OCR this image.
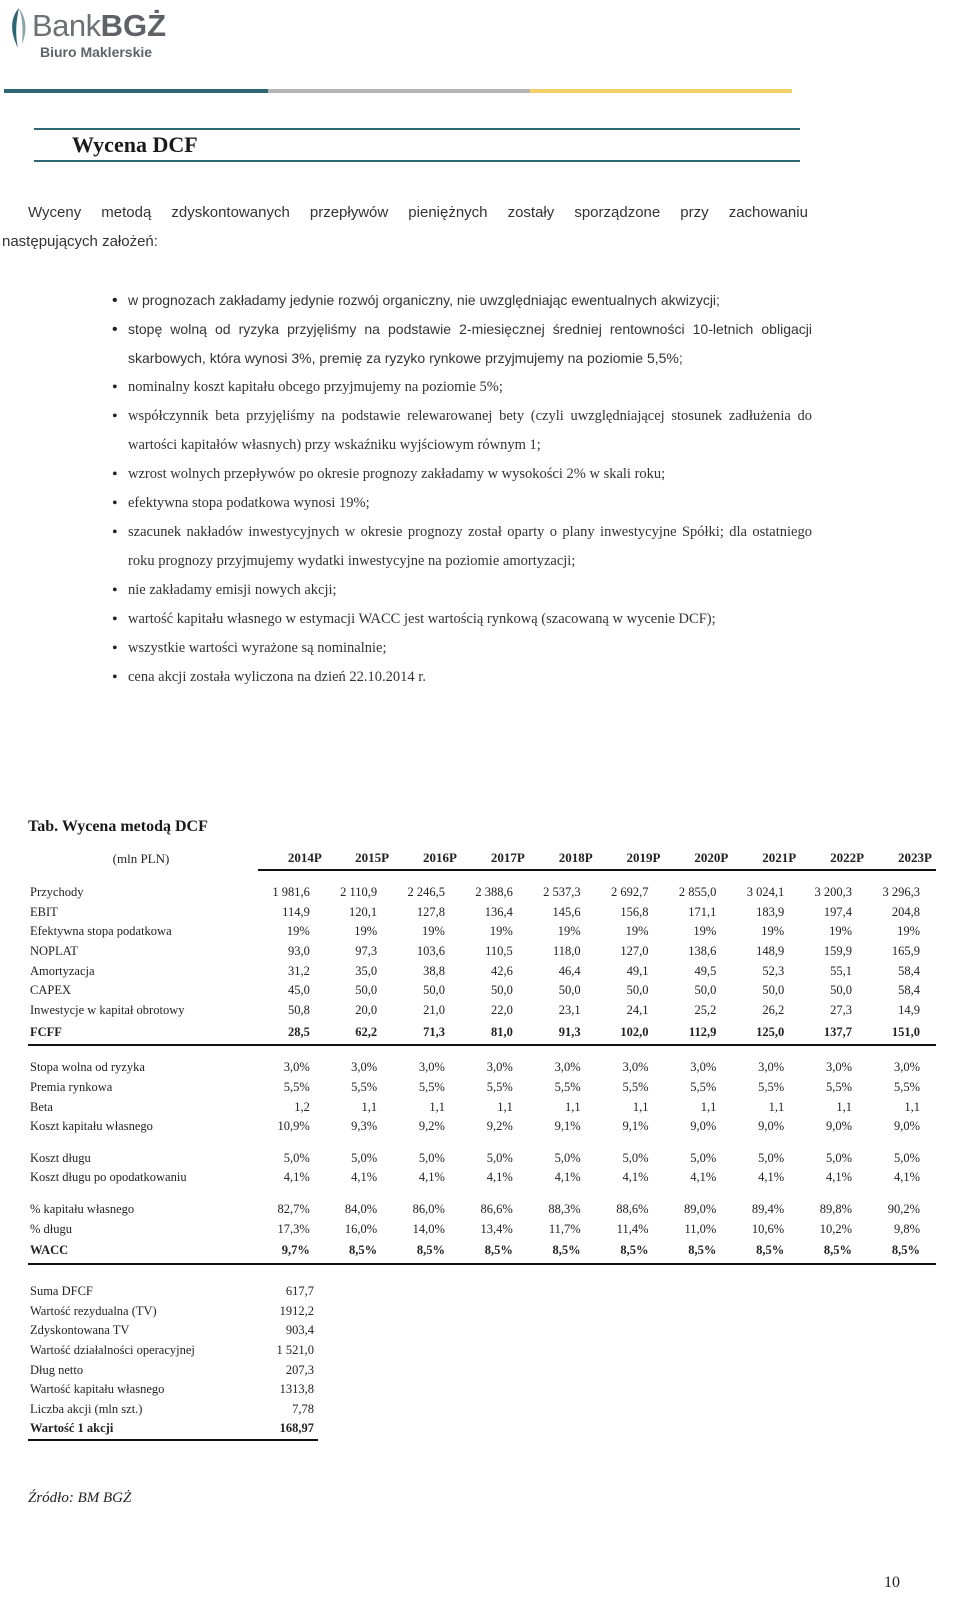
BankBGŻ
Biuro Maklerskie
Wycena DCF
Wyceny metodą zdyskontowanych przepływów pieniężnych zostały sporządzone przy zachowaniu
następujących założeń:
• w prognozach zakładamy jedynie rozwój organiczny, nie uwzględniając ewentualnych akwizycji;
• stopę wolną od ryzyka przyjęliśmy na podstawie 2-miesięcznej średniej rentowności 10-letnich obligacji skarbowych, która wynosi 3%, premię za ryzyko rynkowe przyjmujemy na poziomie 5,5%;
• nominalny koszt kapitału obcego przyjmujemy na poziomie 5%;
• współczynnik beta przyjęliśmy na podstawie relewarowanej bety (czyli uwzględniającej stosunek zadłużenia do wartości kapitałów własnych) przy wskaźniku wyjściowym równym 1;
• wzrost wolnych przepływów po okresie prognozy zakładamy w wysokości 2% w skali roku;
• efektywna stopa podatkowa wynosi 19%;
• szacunek nakładów inwestycyjnych w okresie prognozy został oparty o plany inwestycyjne Spółki; dla ostatniego roku prognozy przyjmujemy wydatki inwestycyjne na poziomie amortyzacji;
• nie zakładamy emisji nowych akcji;
• wartość kapitału własnego w estymacji WACC jest wartością rynkową (szacowaną w wycenie DCF);
• wszystkie wartości wyrażone są nominalnie;
• cena akcji została wyliczona na dzień 22.10.2014 r.
Tab. Wycena metodą DCF
(mln PLN)	2014P	2015P	2016P	2017P	2018P	2019P	2020P	2021P	2022P	2023P

Przychody	1 981,6	2 110,9	2 246,5	2 388,6	2 537,3	2 692,7	2 855,0	3 024,1	3 200,3	3 296,3
EBIT	114,9	120,1	127,8	136,4	145,6	156,8	171,1	183,9	197,4	204,8
Efektywna stopa podatkowa	19%	19%	19%	19%	19%	19%	19%	19%	19%	19%
NOPLAT	93,0	97,3	103,6	110,5	118,0	127,0	138,6	148,9	159,9	165,9
Amortyzacja	31,2	35,0	38,8	42,6	46,4	49,1	49,5	52,3	55,1	58,4
CAPEX	45,0	50,0	50,0	50,0	50,0	50,0	50,0	50,0	50,0	58,4
Inwestycje w kapitał obrotowy	50,8	20,0	21,0	22,0	23,1	24,1	25,2	26,2	27,3	14,9
FCFF	28,5	62,2	71,3	81,0	91,3	102,0	112,9	125,0	137,7	151,0

Stopa wolna od ryzyka	3,0%	3,0%	3,0%	3,0%	3,0%	3,0%	3,0%	3,0%	3,0%	3,0%
Premia rynkowa	5,5%	5,5%	5,5%	5,5%	5,5%	5,5%	5,5%	5,5%	5,5%	5,5%
Beta	1,2	1,1	1,1	1,1	1,1	1,1	1,1	1,1	1,1	1,1
Koszt kapitału własnego	10,9%	9,3%	9,2%	9,2%	9,1%	9,1%	9,0%	9,0%	9,0%	9,0%

Koszt długu	5,0%	5,0%	5,0%	5,0%	5,0%	5,0%	5,0%	5,0%	5,0%	5,0%
Koszt długu po opodatkowaniu	4,1%	4,1%	4,1%	4,1%	4,1%	4,1%	4,1%	4,1%	4,1%	4,1%

% kapitału własnego	82,7%	84,0%	86,0%	86,6%	88,3%	88,6%	89,0%	89,4%	89,8%	90,2%
% długu	17,3%	16,0%	14,0%	13,4%	11,7%	11,4%	11,0%	10,6%	10,2%	9,8%
WACC	9,7%	8,5%	8,5%	8,5%	8,5%	8,5%	8,5%	8,5%	8,5%	8,5%
Suma DFCF	617,7
Wartość rezydualna (TV)	1912,2
Zdyskontowana TV	903,4
Wartość działalności operacyjnej	1 521,0
Dług netto	207,3
Wartość kapitału własnego	1313,8
Liczba akcji (mln szt.)	7,78
Wartość 1 akcji	168,97
Źródło: BM BGŻ
10
